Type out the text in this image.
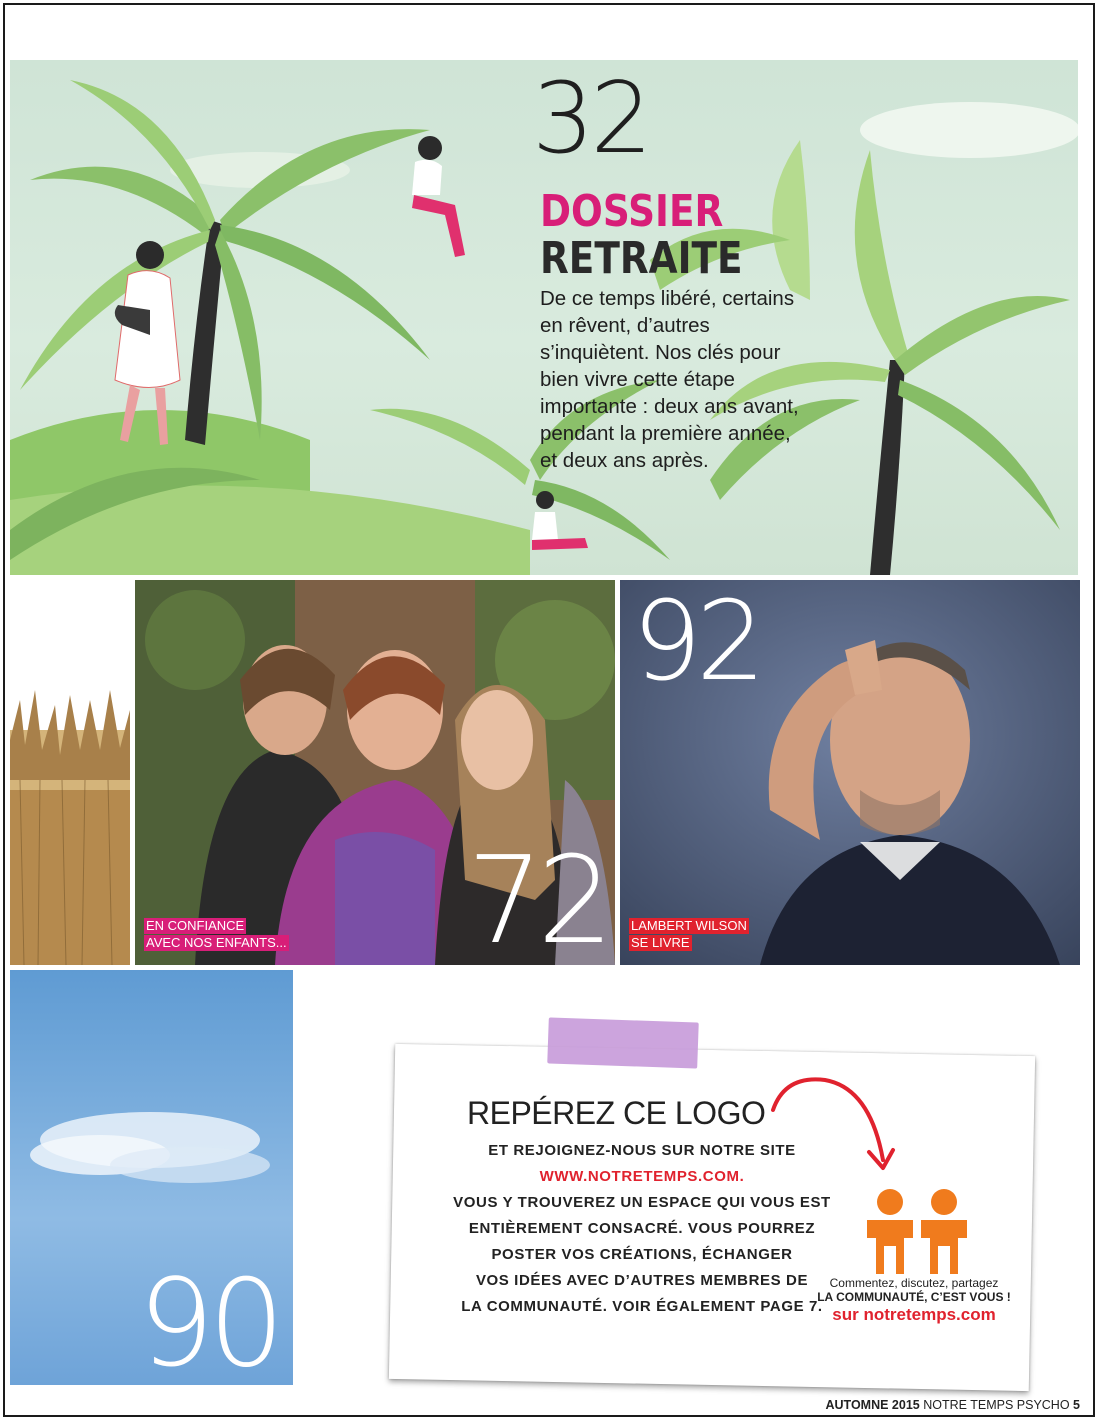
32
DOSSIER
RETRAITE
De ce temps libéré, certains en rêvent, d’autres s’inquiètent. Nos clés pour bien vivre cette étape importante : deux ans avant, pendant la première année, et deux ans après.
72
EN CONFIANCE
AVEC NOS ENFANTS...
92
LAMBERT WILSON
SE LIVRE
90
REPÉREZ CE LOGO
ET REJOIGNEZ-NOUS SUR NOTRE SITE
WWW.NOTRETEMPS.COM.
VOUS Y TROUVEREZ UN ESPACE QUI VOUS EST
ENTIÈREMENT CONSACRÉ. VOUS POURREZ
POSTER VOS CRÉATIONS, ÉCHANGER
VOS IDÉES AVEC D’AUTRES MEMBRES DE
LA COMMUNAUTÉ. VOIR ÉGALEMENT PAGE 7.
Commentez, discutez, partagez
LA COMMUNAUTÉ, C’EST VOUS !
sur notretemps.com
AUTOMNE 2015 NOTRE TEMPS PSYCHO 5
